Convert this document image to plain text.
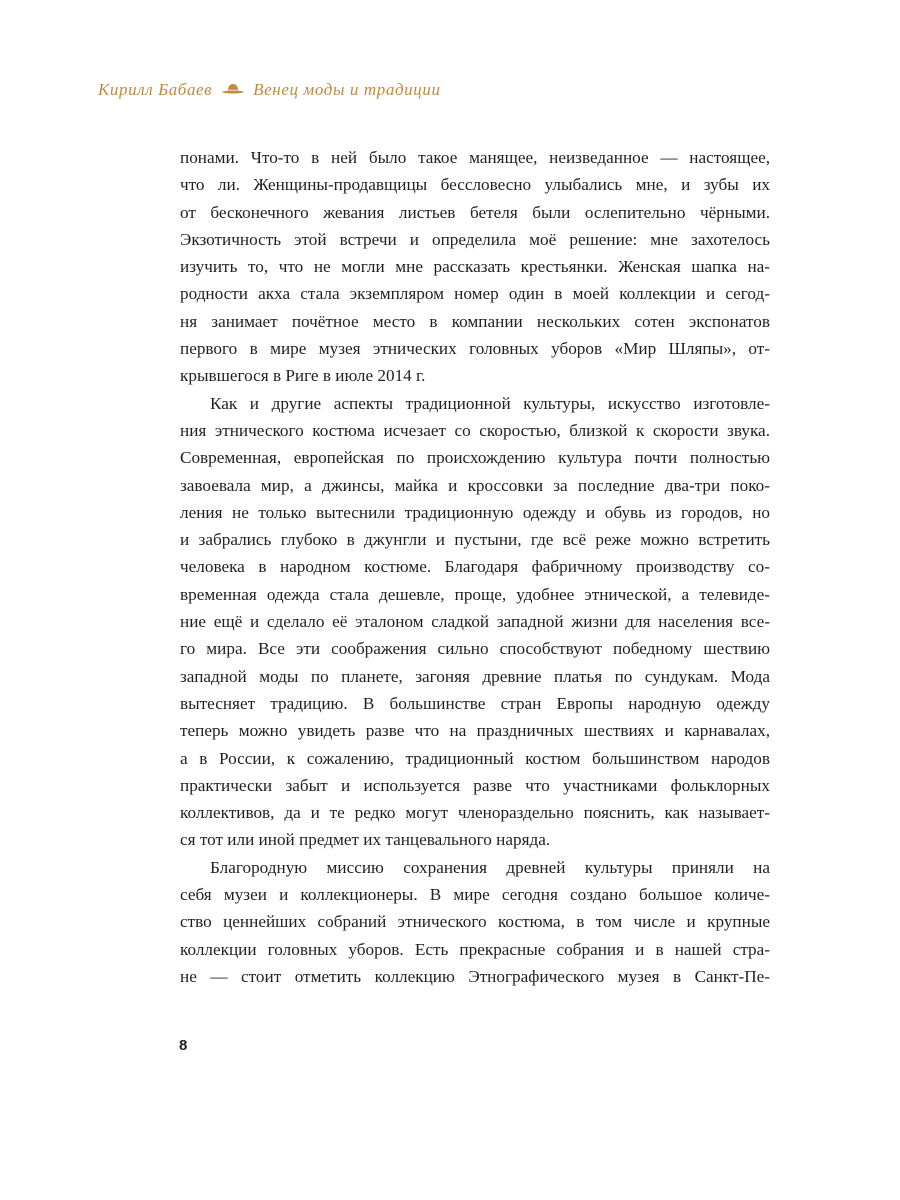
Кирилл Бабаев Венец моды и традиции
понами. Что-то в ней было такое манящее, неизведанное — настоящее,
что ли. Женщины-продавщицы бессловесно улыбались мне, и зубы их
от бесконечного жевания листьев бетеля были ослепительно чёрными.
Экзотичность этой встречи и определила моё решение: мне захотелось
изучить то, что не могли мне рассказать крестьянки. Женская шапка на-
родности акха стала экземпляром номер один в моей коллекции и сегод-
ня занимает почётное место в компании нескольких сотен экспонатов
первого в мире музея этнических головных уборов «Мир Шляпы», от-
крывшегося в Риге в июле 2014 г.
Как и другие аспекты традиционной культуры, искусство изготовле-
ния этнического костюма исчезает со скоростью, близкой к скорости звука.
Современная, европейская по происхождению культура почти полностью
завоевала мир, а джинсы, майка и кроссовки за последние два-три поко-
ления не только вытеснили традиционную одежду и обувь из городов, но
и забрались глубоко в джунгли и пустыни, где всё реже можно встретить
человека в народном костюме. Благодаря фабричному производству со-
временная одежда стала дешевле, проще, удобнее этнической, а телевиде-
ние ещё и сделало её эталоном сладкой западной жизни для населения все-
го мира. Все эти соображения сильно способствуют победному шествию
западной моды по планете, загоняя древние платья по сундукам. Мода
вытесняет традицию. В большинстве стран Европы народную одежду
теперь можно увидеть разве что на праздничных шествиях и карнавалах,
а в России, к сожалению, традиционный костюм большинством народов
практически забыт и используется разве что участниками фольклорных
коллективов, да и те редко могут членораздельно пояснить, как называет-
ся тот или иной предмет их танцевального наряда.
Благородную миссию сохранения древней культуры приняли на
себя музеи и коллекционеры. В мире сегодня создано большое количе-
ство ценнейших собраний этнического костюма, в том числе и крупные
коллекции головных уборов. Есть прекрасные собрания и в нашей стра-
не — стоит отметить коллекцию Этнографического музея в Санкт-Пе-
8
